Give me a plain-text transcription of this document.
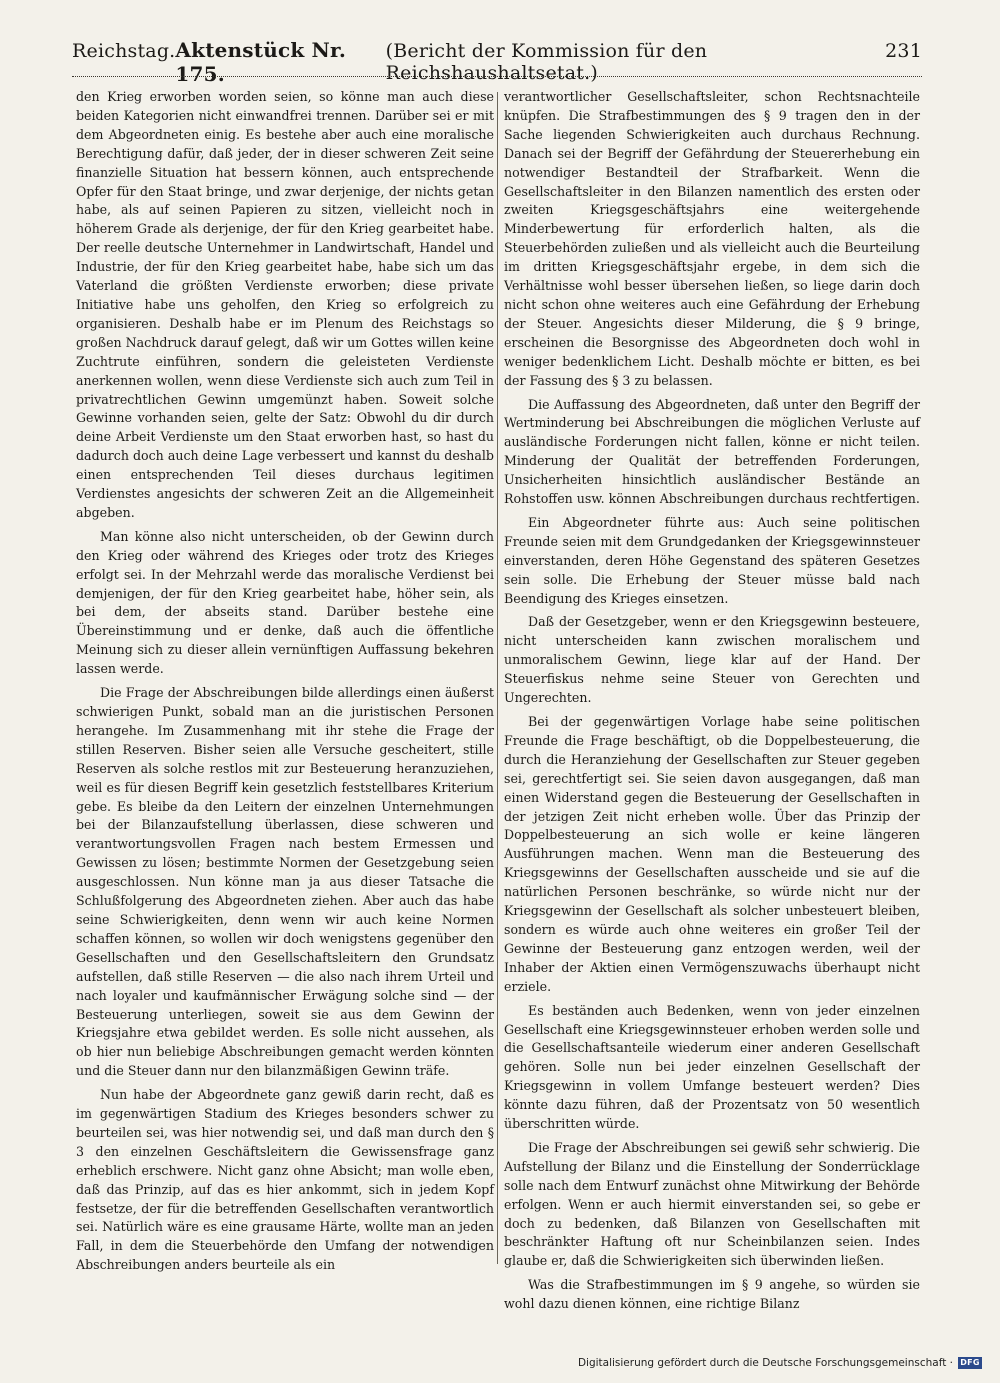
Reichstag. Aktenstück Nr. 175.
(Bericht der Kommission für den Reichshaushaltsetat.)
231

den Krieg erworben worden seien, so könne man auch diese beiden Kategorien nicht einwandfrei trennen. Darüber sei er mit dem Abgeordneten einig. Es bestehe aber auch eine moralische Berechtigung dafür, daß jeder, der in dieser schweren Zeit seine finanzielle Situation hat bessern können, auch entsprechende Opfer für den Staat bringe, und zwar derjenige, der nichts getan habe, als auf seinen Papieren zu sitzen, vielleicht noch in höherem Grade als derjenige, der für den Krieg gearbeitet habe. Der reelle deutsche Unternehmer in Landwirtschaft, Handel und Industrie, der für den Krieg gearbeitet habe, habe sich um das Vaterland die größten Verdienste erworben; diese private Initiative habe uns geholfen, den Krieg so erfolgreich zu organisieren. Deshalb habe er im Plenum des Reichstags so großen Nachdruck darauf gelegt, daß wir um Gottes willen keine Zuchtrute einführen, sondern die geleisteten Verdienste anerkennen wollen, wenn diese Verdienste sich auch zum Teil in privatrechtlichen Gewinn umgemünzt haben. Soweit solche Gewinne vorhanden seien, gelte der Satz: Obwohl du dir durch deine Arbeit Verdienste um den Staat erworben hast, so hast du dadurch doch auch deine Lage verbessert und kannst du deshalb einen entsprechenden Teil dieses durchaus legitimen Verdienstes angesichts der schweren Zeit an die Allgemeinheit abgeben.

Man könne also nicht unterscheiden, ob der Gewinn durch den Krieg oder während des Krieges oder trotz des Krieges erfolgt sei. In der Mehrzahl werde das moralische Verdienst bei demjenigen, der für den Krieg gearbeitet habe, höher sein, als bei dem, der abseits stand. Darüber bestehe eine Übereinstimmung und er denke, daß auch die öffentliche Meinung sich zu dieser allein vernünftigen Auffassung bekehren lassen werde.

Die Frage der Abschreibungen bilde allerdings einen äußerst schwierigen Punkt, sobald man an die juristischen Personen herangehe. Im Zusammenhang mit ihr stehe die Frage der stillen Reserven. Bisher seien alle Versuche gescheitert, stille Reserven als solche restlos mit zur Besteuerung heranzuziehen, weil es für diesen Begriff kein gesetzlich feststellbares Kriterium gebe. Es bleibe da den Leitern der einzelnen Unternehmungen bei der Bilanzaufstellung überlassen, diese schweren und verantwortungsvollen Fragen nach bestem Ermessen und Gewissen zu lösen; bestimmte Normen der Gesetzgebung seien ausgeschlossen. Nun könne man ja aus dieser Tatsache die Schlußfolgerung des Abgeordneten ziehen. Aber auch das habe seine Schwierigkeiten, denn wenn wir auch keine Normen schaffen können, so wollen wir doch wenigstens gegenüber den Gesellschaften und den Gesellschaftsleitern den Grundsatz aufstellen, daß stille Reserven — die also nach ihrem Urteil und nach loyaler und kaufmännischer Erwägung solche sind — der Besteuerung unterliegen, soweit sie aus dem Gewinn der Kriegsjahre etwa gebildet werden. Es solle nicht aussehen, als ob hier nun beliebige Abschreibungen gemacht werden könnten und die Steuer dann nur den bilanzmäßigen Gewinn träfe.

Nun habe der Abgeordnete ganz gewiß darin recht, daß es im gegenwärtigen Stadium des Krieges besonders schwer zu beurteilen sei, was hier notwendig sei, und daß man durch den § 3 den einzelnen Geschäftsleitern die Gewissensfrage ganz erheblich erschwere. Nicht ganz ohne Absicht; man wolle eben, daß das Prinzip, auf das es hier ankommt, sich in jedem Kopf festsetze, der für die betreffenden Gesellschaften verantwortlich sei. Natürlich wäre es eine grausame Härte, wollte man an jeden Fall, in dem die Steuerbehörde den Umfang der notwendigen Abschreibungen anders beurteile als ein

verantwortlicher Gesellschaftsleiter, schon Rechtsnachteile knüpfen. Die Strafbestimmungen des § 9 tragen den in der Sache liegenden Schwierigkeiten auch durchaus Rechnung. Danach sei der Begriff der Gefährdung der Steuererhebung ein notwendiger Bestandteil der Strafbarkeit. Wenn die Gesellschaftsleiter in den Bilanzen namentlich des ersten oder zweiten Kriegsgeschäftsjahrs eine weitergehende Minderbewertung für erforderlich halten, als die Steuerbehörden zuließen und als vielleicht auch die Beurteilung im dritten Kriegsgeschäftsjahr ergebe, in dem sich die Verhältnisse wohl besser übersehen ließen, so liege darin doch nicht schon ohne weiteres auch eine Gefährdung der Erhebung der Steuer. Angesichts dieser Milderung, die § 9 bringe, erscheinen die Besorgnisse des Abgeordneten doch wohl in weniger bedenklichem Licht. Deshalb möchte er bitten, es bei der Fassung des § 3 zu belassen.

Die Auffassung des Abgeordneten, daß unter den Begriff der Wertminderung bei Abschreibungen die möglichen Verluste auf ausländische Forderungen nicht fallen, könne er nicht teilen. Minderung der Qualität der betreffenden Forderungen, Unsicherheiten hinsichtlich ausländischer Bestände an Rohstoffen usw. können Abschreibungen durchaus rechtfertigen.

Ein Abgeordneter führte aus: Auch seine politischen Freunde seien mit dem Grundgedanken der Kriegsgewinnsteuer einverstanden, deren Höhe Gegenstand des späteren Gesetzes sein solle. Die Erhebung der Steuer müsse bald nach Beendigung des Krieges einsetzen.

Daß der Gesetzgeber, wenn er den Kriegsgewinn besteuere, nicht unterscheiden kann zwischen moralischem und unmoralischem Gewinn, liege klar auf der Hand. Der Steuerfiskus nehme seine Steuer von Gerechten und Ungerechten.

Bei der gegenwärtigen Vorlage habe seine politischen Freunde die Frage beschäftigt, ob die Doppelbesteuerung, die durch die Heranziehung der Gesellschaften zur Steuer gegeben sei, gerechtfertigt sei. Sie seien davon ausgegangen, daß man einen Widerstand gegen die Besteuerung der Gesellschaften in der jetzigen Zeit nicht erheben wolle. Über das Prinzip der Doppelbesteuerung an sich wolle er keine längeren Ausführungen machen. Wenn man die Besteuerung des Kriegsgewinns der Gesellschaften ausscheide und sie auf die natürlichen Personen beschränke, so würde nicht nur der Kriegsgewinn der Gesellschaft als solcher unbesteuert bleiben, sondern es würde auch ohne weiteres ein großer Teil der Gewinne der Besteuerung ganz entzogen werden, weil der Inhaber der Aktien einen Vermögenszuwachs überhaupt nicht erziele.

Es beständen auch Bedenken, wenn von jeder einzelnen Gesellschaft eine Kriegsgewinnsteuer erhoben werden solle und die Gesellschaftsanteile wiederum einer anderen Gesellschaft gehören. Solle nun bei jeder einzelnen Gesellschaft der Kriegsgewinn in vollem Umfange besteuert werden? Dies könnte dazu führen, daß der Prozentsatz von 50 wesentlich überschritten würde.

Die Frage der Abschreibungen sei gewiß sehr schwierig. Die Aufstellung der Bilanz und die Einstellung der Sonderrücklage solle nach dem Entwurf zunächst ohne Mitwirkung der Behörde erfolgen. Wenn er auch hiermit einverstanden sei, so gebe er doch zu bedenken, daß Bilanzen von Gesellschaften mit beschränkter Haftung oft nur Scheinbilanzen seien. Indes glaube er, daß die Schwierigkeiten sich überwinden ließen.

Was die Strafbestimmungen im § 9 angehe, so würden sie wohl dazu dienen können, eine richtige Bilanz

Digitalisierung gefördert durch die Deutsche Forschungsgemeinschaft · DFG
